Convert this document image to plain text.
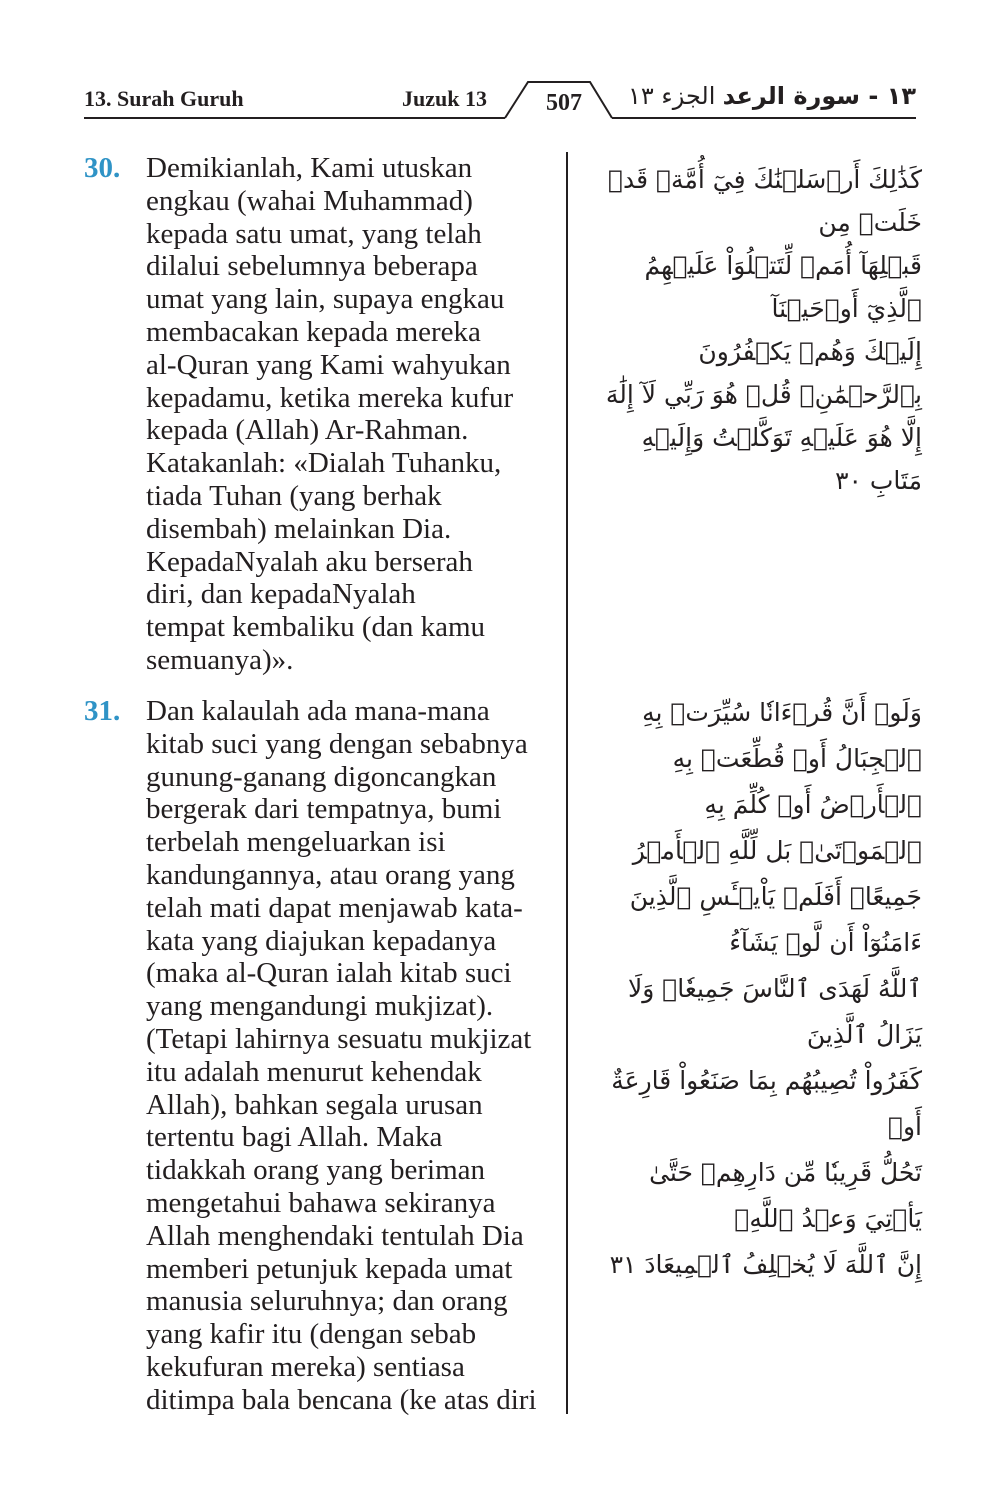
13. Surah Guruh	Juzuk 13	507	الجزء ١٣ ١٣ - سورة الرعد
30. Demikianlah, Kami utuskan
engkau (wahai Muhammad)
kepada satu umat, yang telah
dilalui sebelumnya beberapa
umat yang lain, supaya engkau
membacakan kepada mereka
al-Quran yang Kami wahyukan
kepadamu, ketika mereka kufur
kepada (Allah) Ar-Rahman.
Katakanlah: «Dialah Tuhanku,
tiada Tuhan (yang berhak
disembah) melainkan Dia.
KepadaNyalah aku berserah
diri, dan kepadaNyalah
tempat kembaliku (dan kamu
semuanya)».
كَذَٰلِكَ أَرۡسَلۡنَٰكَ فِيٓ أُمَّةٖ قَدۡ خَلَتۡ مِن
قَبۡلِهَآ أُمَمٞ لِّتَتۡلُوَاْ عَلَيۡهِمُ ٱلَّذِيٓ أَوۡحَيۡنَآ
إِلَيۡكَ وَهُمۡ يَكۡفُرُونَ بِٱلرَّحۡمَٰنِۚ قُلۡ هُوَ رَبِّي لَآ إِلَٰهَ
إِلَّا هُوَ عَلَيۡهِ تَوَكَّلۡتُ وَإِلَيۡهِ مَتَابِ ٣٠
31. Dan kalaulah ada mana-mana
kitab suci yang dengan sebabnya
gunung-ganang digoncangkan
bergerak dari tempatnya, bumi
terbelah mengeluarkan isi
kandungannya, atau orang yang
telah mati dapat menjawab kata-
kata yang diajukan kepadanya
(maka al-Quran ialah kitab suci
yang mengandungi mukjizat).
(Tetapi lahirnya sesuatu mukjizat
itu adalah menurut kehendak
Allah), bahkan segala urusan
tertentu bagi Allah. Maka
tidakkah orang yang beriman
mengetahui bahawa sekiranya
Allah menghendaki tentulah Dia
memberi petunjuk kepada umat
manusia seluruhnya; dan orang
yang kafir itu (dengan sebab
kekufuran mereka) sentiasa
ditimpa bala bencana (ke atas diri
وَلَوۡ أَنَّ قُرۡءَانٗا سُيِّرَتۡ بِهِ ٱلۡجِبَالُ أَوۡ قُطِّعَتۡ بِهِ
ٱلۡأَرۡضُ أَوۡ كُلِّمَ بِهِ ٱلۡمَوۡتَىٰۗ بَل لِّلَّهِ ٱلۡأَمۡرُ
جَمِيعًاۗ أَفَلَمۡ يَاْيۡـَٔسِ ٱلَّذِينَ ءَامَنُوٓاْ أَن لَّوۡ يَشَآءُ
ٱللَّهُ لَهَدَى ٱلنَّاسَ جَمِيعٗاۗ وَلَا يَزَالُ ٱلَّذِينَ
كَفَرُواْ تُصِيبُهُم بِمَا صَنَعُواْ قَارِعَةٌ أَوۡ
تَحُلُّ قَرِيبٗا مِّن دَارِهِمۡ حَتَّىٰ يَأۡتِيَ وَعۡدُ ٱللَّهِۚ
إِنَّ ٱللَّهَ لَا يُخۡلِفُ ٱلۡمِيعَادَ ٣١
